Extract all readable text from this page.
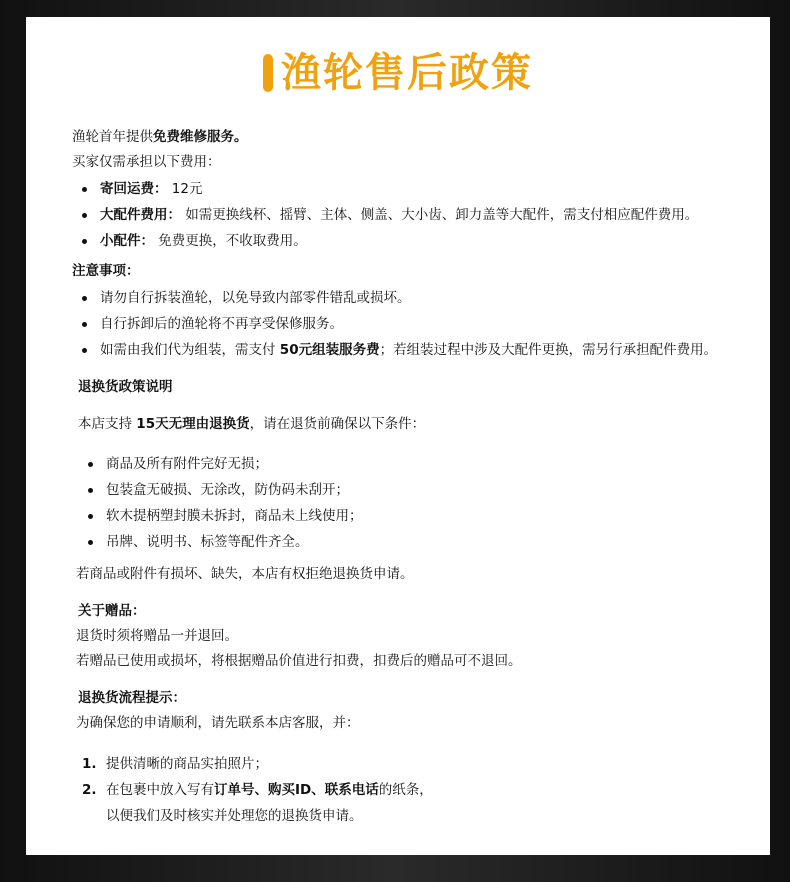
渔轮售后政策
渔轮首年提供免费维修服务。
买家仅需承担以下费用：
寄回运费： 12元
大配件费用： 如需更换线杯、摇臂、主体、侧盖、大小齿、卸力盖等大配件，需支付相应配件费用。
小配件： 免费更换，不收取费用。
注意事项：
请勿自行拆装渔轮，以免导致内部零件错乱或损坏。
自行拆卸后的渔轮将不再享受保修服务。
如需由我们代为组装，需支付 50元组装服务费；若组装过程中涉及大配件更换，需另行承担配件费用。
退换货政策说明
本店支持 15天无理由退换货，请在退货前确保以下条件：
商品及所有附件完好无损；
包装盒无破损、无涂改，防伪码未刮开；
软木提柄塑封膜未拆封，商品未上线使用；
吊牌、说明书、标签等配件齐全。
若商品或附件有损坏、缺失，本店有权拒绝退换货申请。
关于赠品：
退货时须将赠品一并退回。
若赠品已使用或损坏，将根据赠品价值进行扣费，扣费后的赠品可不退回。
退换货流程提示：
为确保您的申请顺利，请先联系本店客服，并：
1. 提供清晰的商品实拍照片；
2. 在包裹中放入写有订单号、购买ID、联系电话的纸条，
以便我们及时核实并处理您的退换货申请。
